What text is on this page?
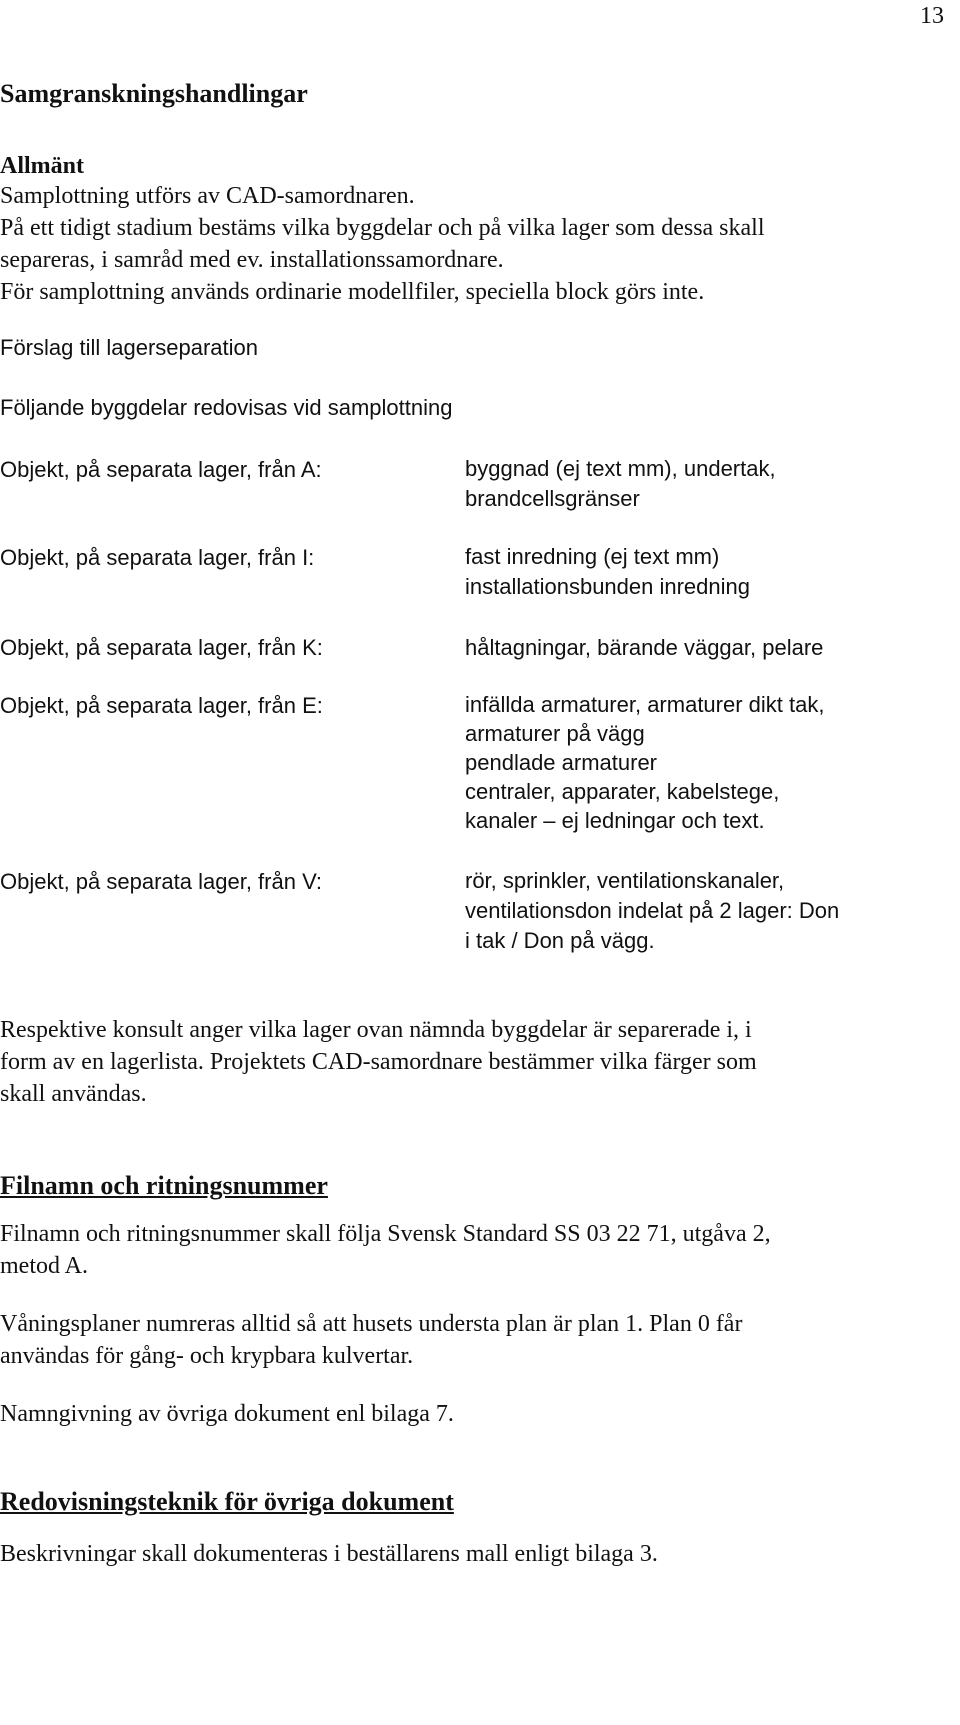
13
Samgranskningshandlingar
Allmänt
Samplottning utförs av CAD-samordnaren.
På ett tidigt stadium bestäms vilka byggdelar och på vilka lager som dessa skall
separeras, i samråd med ev. installationssamordnare.
För samplottning används ordinarie modellfiler, speciella block görs inte.
Förslag till lagerseparation
Följande byggdelar redovisas vid samplottning
Objekt, på separata lager, från A:	byggnad (ej text mm), undertak,
brandcellsgränser
Objekt, på separata lager, från I:	fast inredning (ej text mm)
installationsbunden inredning
Objekt, på separata lager, från K:	håltagningar, bärande väggar, pelare
Objekt, på separata lager, från E:	infällda armaturer, armaturer dikt tak,
armaturer på vägg
pendlade armaturer
centraler, apparater, kabelstege,
kanaler – ej ledningar och text.
Objekt, på separata lager, från V:	rör, sprinkler, ventilationskanaler,
ventilationsdon indelat på 2 lager: Don
i tak / Don på vägg.
Respektive konsult anger vilka lager ovan nämnda byggdelar är separerade i, i
form av en lagerlista. Projektets CAD-samordnare bestämmer vilka färger som
skall användas.
Filnamn och ritningsnummer
Filnamn och ritningsnummer skall följa Svensk Standard SS 03 22 71, utgåva 2,
metod A.
Våningsplaner numreras alltid så att husets understa plan är plan 1. Plan 0 får
användas för gång- och krypbara kulvertar.
Namngivning av övriga dokument enl bilaga 7.
Redovisningsteknik för övriga dokument
Beskrivningar skall dokumenteras i beställarens mall enligt bilaga 3.
